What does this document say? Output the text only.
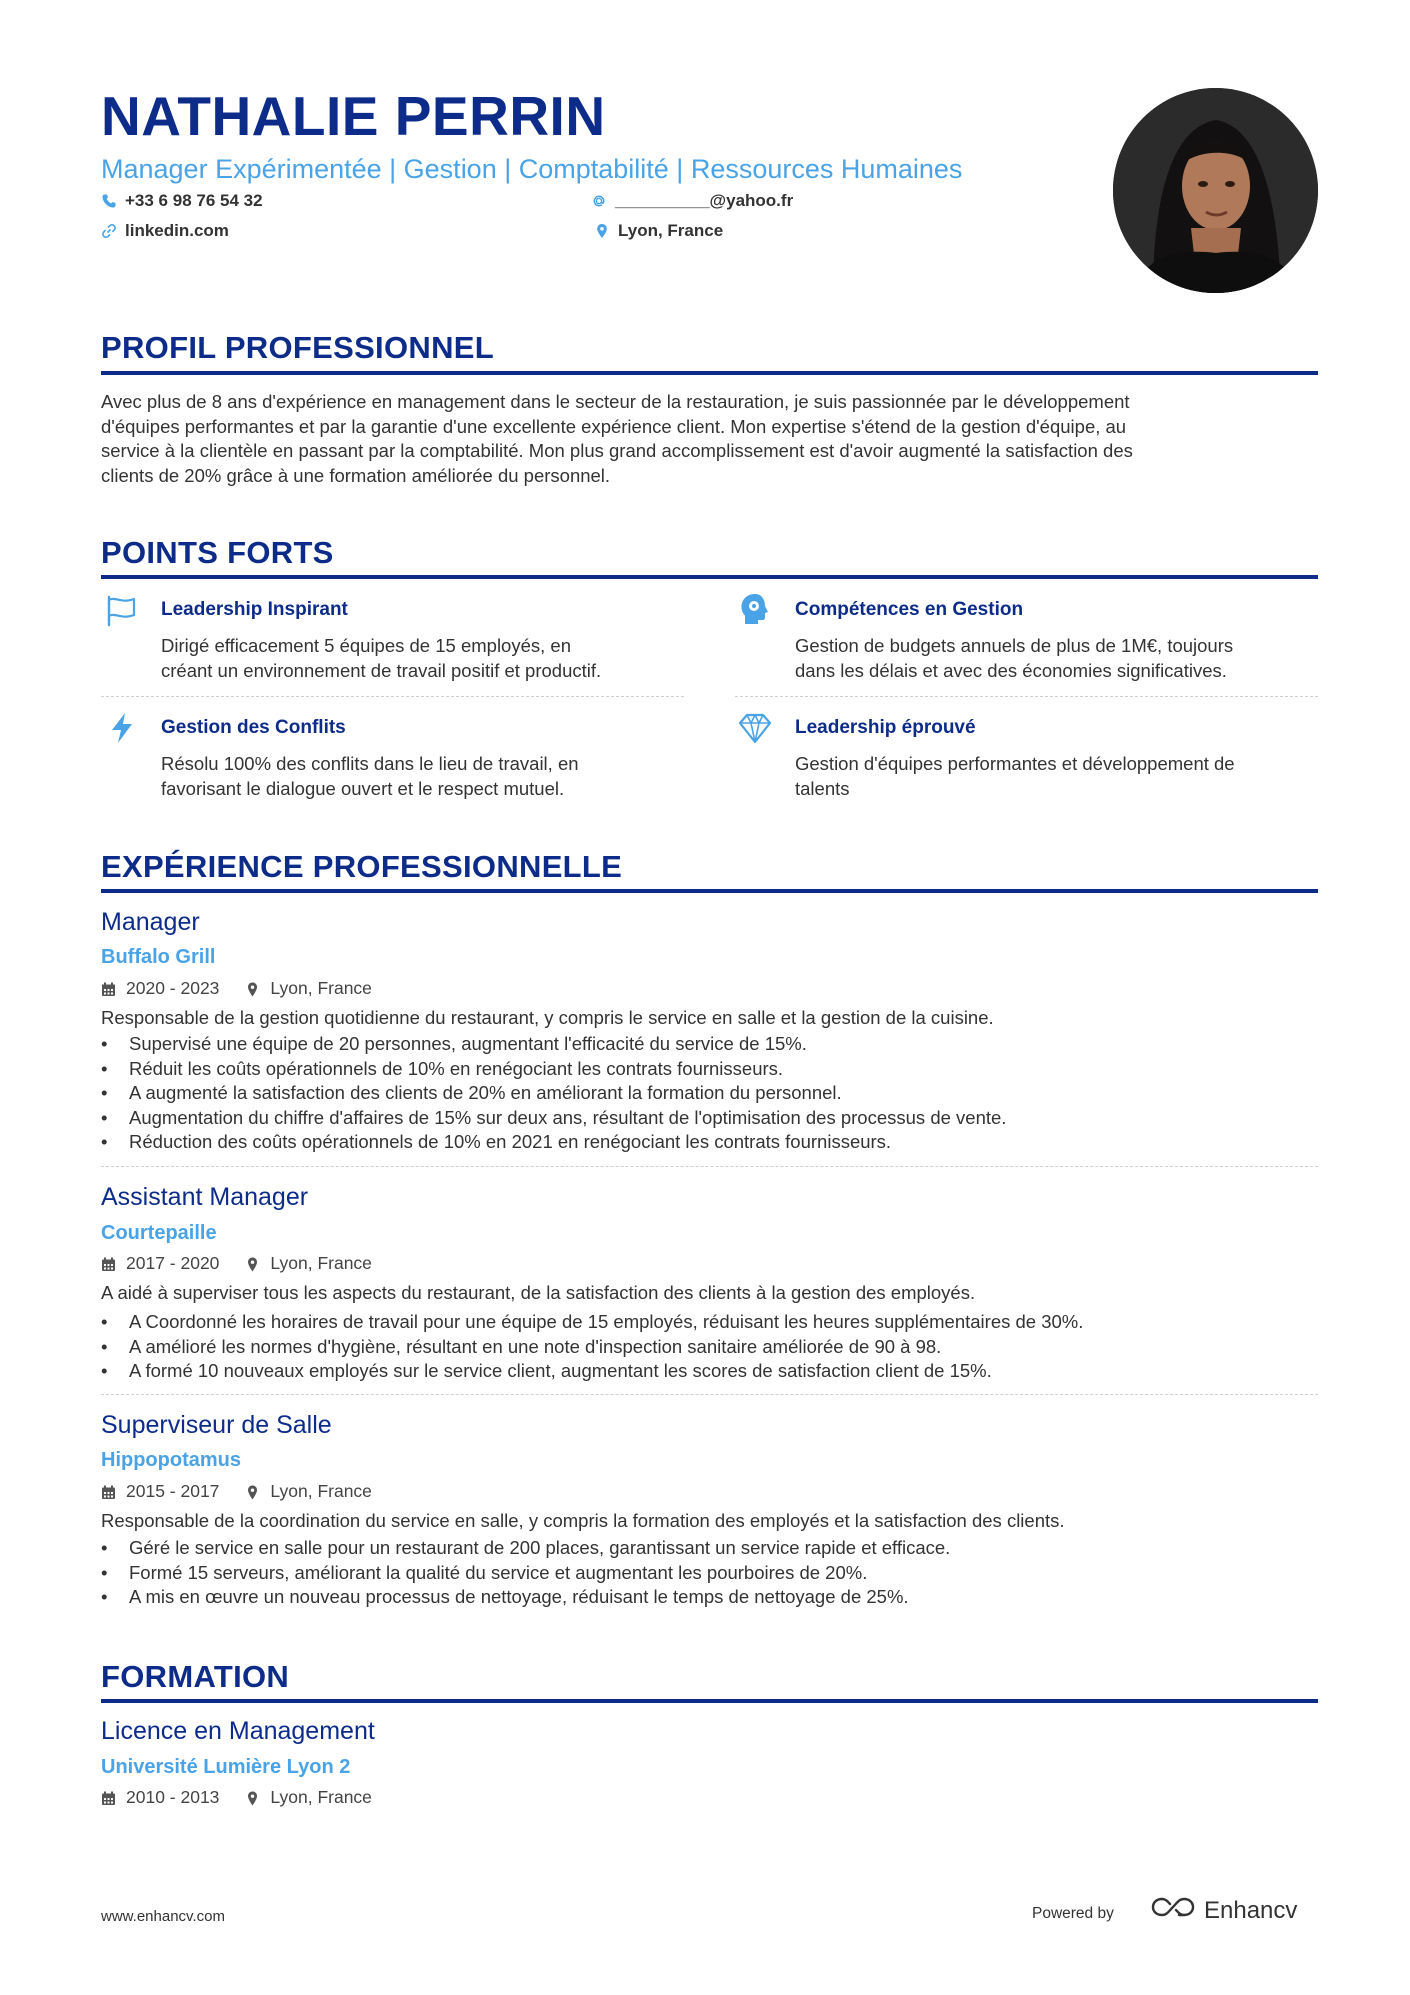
NATHALIE PERRIN
Manager Expérimentée | Gestion | Comptabilité | Ressources Humaines
+33 6 98 76 54 32	__________@yahoo.fr
linkedin.com	Lyon, France
PROFIL PROFESSIONNEL
Avec plus de 8 ans d'expérience en management dans le secteur de la restauration, je suis passionnée par le développement
d'équipes performantes et par la garantie d'une excellente expérience client. Mon expertise s'étend de la gestion d'équipe, au
service à la clientèle en passant par la comptabilité. Mon plus grand accomplissement est d'avoir augmenté la satisfaction des
clients de 20% grâce à une formation améliorée du personnel.
POINTS FORTS
Leadership Inspirant
Dirigé efficacement 5 équipes de 15 employés, en
créant un environnement de travail positif et productif.
Compétences en Gestion
Gestion de budgets annuels de plus de 1M€, toujours
dans les délais et avec des économies significatives.
Gestion des Conflits
Résolu 100% des conflits dans le lieu de travail, en
favorisant le dialogue ouvert et le respect mutuel.
Leadership éprouvé
Gestion d'équipes performantes et développement de
talents
EXPÉRIENCE PROFESSIONNELLE
Manager
Buffalo Grill
2020 - 2023	Lyon, France
Responsable de la gestion quotidienne du restaurant, y compris le service en salle et la gestion de la cuisine.
• Supervisé une équipe de 20 personnes, augmentant l'efficacité du service de 15%.
• Réduit les coûts opérationnels de 10% en renégociant les contrats fournisseurs.
• A augmenté la satisfaction des clients de 20% en améliorant la formation du personnel.
• Augmentation du chiffre d'affaires de 15% sur deux ans, résultant de l'optimisation des processus de vente.
• Réduction des coûts opérationnels de 10% en 2021 en renégociant les contrats fournisseurs.
Assistant Manager
Courtepaille
2017 - 2020	Lyon, France
A aidé à superviser tous les aspects du restaurant, de la satisfaction des clients à la gestion des employés.
• A Coordonné les horaires de travail pour une équipe de 15 employés, réduisant les heures supplémentaires de 30%.
• A amélioré les normes d'hygiène, résultant en une note d'inspection sanitaire améliorée de 90 à 98.
• A formé 10 nouveaux employés sur le service client, augmentant les scores de satisfaction client de 15%.
Superviseur de Salle
Hippopotamus
2015 - 2017	Lyon, France
Responsable de la coordination du service en salle, y compris la formation des employés et la satisfaction des clients.
• Géré le service en salle pour un restaurant de 200 places, garantissant un service rapide et efficace.
• Formé 15 serveurs, améliorant la qualité du service et augmentant les pourboires de 20%.
• A mis en œuvre un nouveau processus de nettoyage, réduisant le temps de nettoyage de 25%.
FORMATION
Licence en Management
Université Lumière Lyon 2
2010 - 2013	Lyon, France
www.enhancv.com	Powered by	Enhancv
